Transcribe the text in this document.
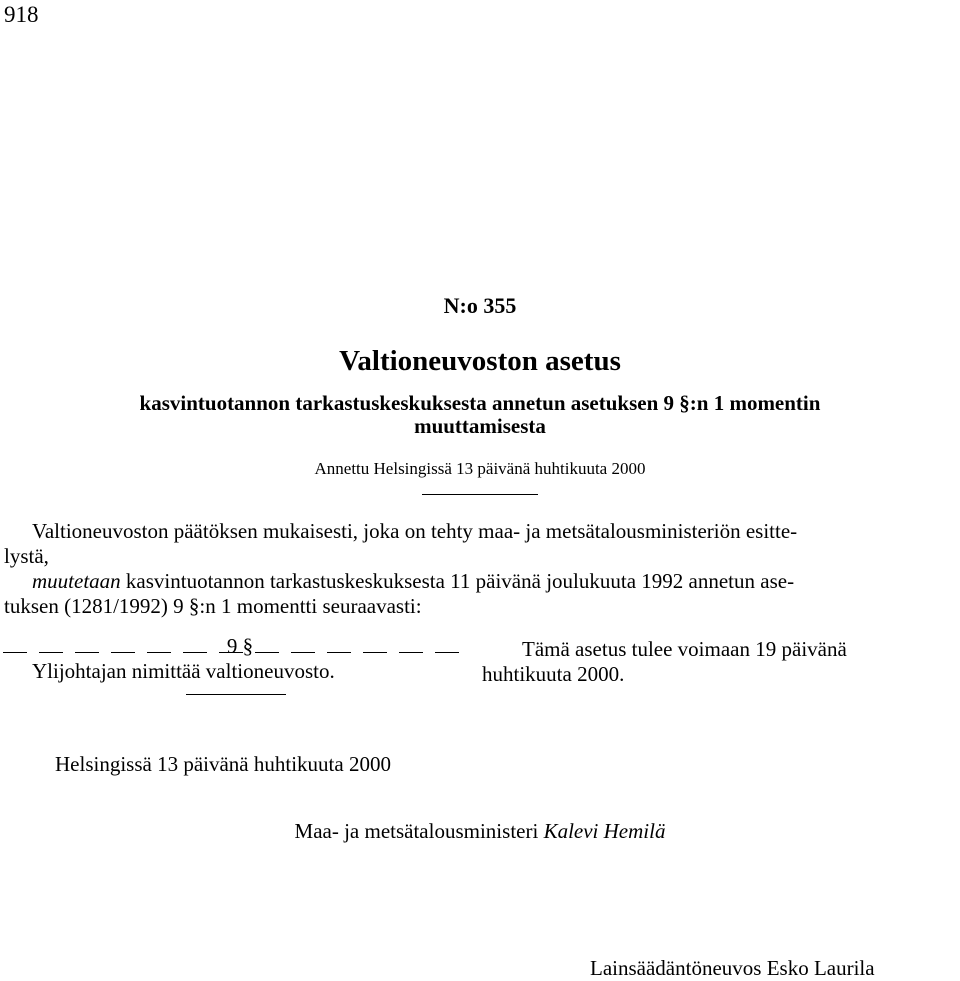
918
N:o 355
Valtioneuvoston asetus
kasvintuotannon tarkastuskeskuksesta annetun asetuksen 9 §:n 1 momentin
muuttamisesta
Annettu Helsingissä 13 päivänä huhtikuuta 2000
Valtioneuvoston päätöksen mukaisesti, joka on tehty maa- ja metsätalousministeriön esitte-
lystä,
muutetaan kasvintuotannon tarkastuskeskuksesta 11 päivänä joulukuuta 1992 annetun ase-
tuksen (1281/1992) 9 §:n 1 momentti seuraavasti:
9 §
Ylijohtajan nimittää valtioneuvosto.
Tämä asetus tulee voimaan 19 päivänä
huhtikuuta 2000.
Helsingissä 13 päivänä huhtikuuta 2000
Maa- ja metsätalousministeri Kalevi Hemilä
Lainsäädäntöneuvos Esko Laurila
